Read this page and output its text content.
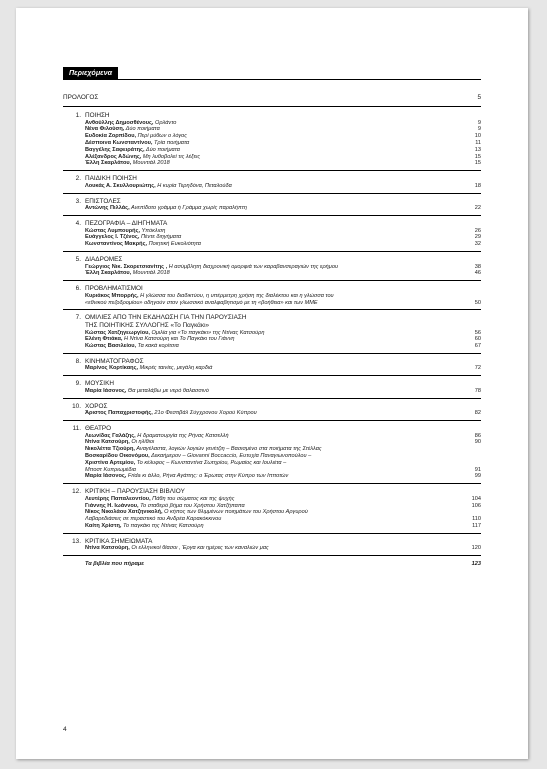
Περιεχόμενα
ΠΡΟΛΟΓΟΣ	5
1. ΠΟΙΗΣΗ
Ανθούλλης Δημοσθένους, Ορλάντο	9
Νένα Φιλούση, Δύο ποιήματα	9
Ευδοκία Ζορπίδου, Περί μύθων ο λόγος	10
Δέσποινα Κωνσταντίνου, Τρία ποιήματα	11
Βαγγέλης Σαφειράτης, Δύο ποιήματα	13
Αλέξανδρος Αδώνης, Μη λυθοβολεί τις λέξεις	15
Έλλη Σκαρλάτου, Μουντιάλ 2018	15
2. ΠΑΙΔΙΚΗ ΠΟΙΗΣΗ
Λουκάς Α. Σκυλλουριώτης, Η κυρία Τερηδόνα, Πεταλούδα	18
3. ΕΠΙΣΤΟΛΕΣ
Αντώνης Πιλλάς, Ανεπίδοτο γράμμα ή Γράμμα χωρίς παραλήπτη	22
4. ΠΕΖΟΓΡΑΦΙΑ – ΔΙΗΓΗΜΑΤΑ
Κώστας Λυμπουρής, Υπόκλιση	26
Ευάγγελος Ι. Τζένος, Πέντε διηγήματα	29
Κωνσταντίνος Μακρής, Ποιητική Ευκολιότητα	32
5. ΔΙΑΔΡΟΜΕΣ
Γεώργιος Νικ. Σκορετσιανίτης , Η ασύμβλητη διαχρονική ομορφιά των καραβανσεραγιών της ερήμου	38
Έλλη Σκαρλάτου, Μουντιάλ 2018	46
6. ΠΡΟΒΛΗΜΑΤΙΣΜΟΙ
Κυριάκος Μπορρής, Η γλώσσα του διαδικτύου, η υπέρμετρη χρήση της διαλέκτου και η γλώσσα του
«εθνικού πεζοδρομίου» οδηγούν στον γλωσσικό αναλφαβητισμό με τη «βοήθεια» και των ΜΜΕ	50
7. ΟΜΙΛΙΕΣ ΑΠΟ ΤΗΝ ΕΚΔΗΛΩΣΗ ΓΙΑ ΤΗΝ ΠΑΡΟΥΣΙΑΣΗ
ΤΗΣ ΠΟΙΗΤΙΚΗΣ ΣΥΛΛΟΓΗΣ «Το Παγκάκι»
Κώστας Χατζηγεωργίου, Ομιλία για «Το παγκάκι» της Ντίνας Κατσούρη	56
Ελένη Φτιάκα, Η Ντίνα Κατσούρη και Το Παγκάκι του Γιάννη	60
Κώστας Βασιλείου, Τα κακά κορίτσια	67
8. ΚΙΝΗΜΑΤΟΓΡΑΦΟΣ
Μαρίνος Κορτίκαης, Μικρές ταινίες, μεγάλη καρδιά	72
9. ΜΟΥΣΙΚΗ
Μαρία Ιάσονος, Θα μεταλάβω με νερό θαλασσινό	78
10. ΧΟΡΟΣ
Άριστος Παπαχριστοφής, 21ο Φεστιβάλ Σύγχρονου Χορού Κύπρου	82
11. ΘΕΑΤΡΟ
Λεωνίδας Γαλάζης, Η δραματουργία της Ρήνας Κατσελλή	86
Ντίνα Κατσούρη, Οι ηλίθιοι	90
Νικολέττα Τζιούρη, Αναγέλαστα, λογιών λογιών γενέτζιη – Βασισμένο στα ποιήματα της Στέλλας
Βοσκαρίδου Οικονόμου, Δεκαήμερον – Giovanni Boccaccio, Ευτυχία Παναγιωνοπούλου –
Χριστίνα Αρτεμίου, Το κέλυφος – Κωνσταντίνα Σωτηρίου, Ρωμαίος και Ιουλιέτα –
Μποστ Κυπριωμέδια	91
Μαρία Ιάσονος, Frida κι άλλο, Ρήνα Αγάπης: ο Έρωτας στην Κύπρο των Ιπποτών	99
12. ΚΡΙΤΙΚΗ – ΠΑΡΟΥΣΙΑΣΗ ΒΙΒΛΙΟΥ
Λευτέρης Παπαλεοντίου, Πάθη του σώματος και της ψυχής	104
Γιάννης Η. Ιωάννου, Το σταθερό βήμα του Χρήστου Χατζήπαπα	106
Νίκος Νικολάου Χατζηνικολή, Ο κήπος των θλιμμένων ποιημάτων του Χρήστου Αργυρού
Λαβαρεδιάσεις σε περαστικό του Ανδρέα Καρακόκκινου	110
Καίτη Χρίστη, Το παγκάκι της Ντίνας Κατσούρη	117
13. ΚΡΙΤΙΚΑ ΣΗΜΕΙΩΜΑΤΑ
Ντίνα Κατσούρη, Οι ελληνικοί θίασοι , Έργα και ημέρες των καναλιών μας	120
Τα βιβλία που πήραμε	123
4
